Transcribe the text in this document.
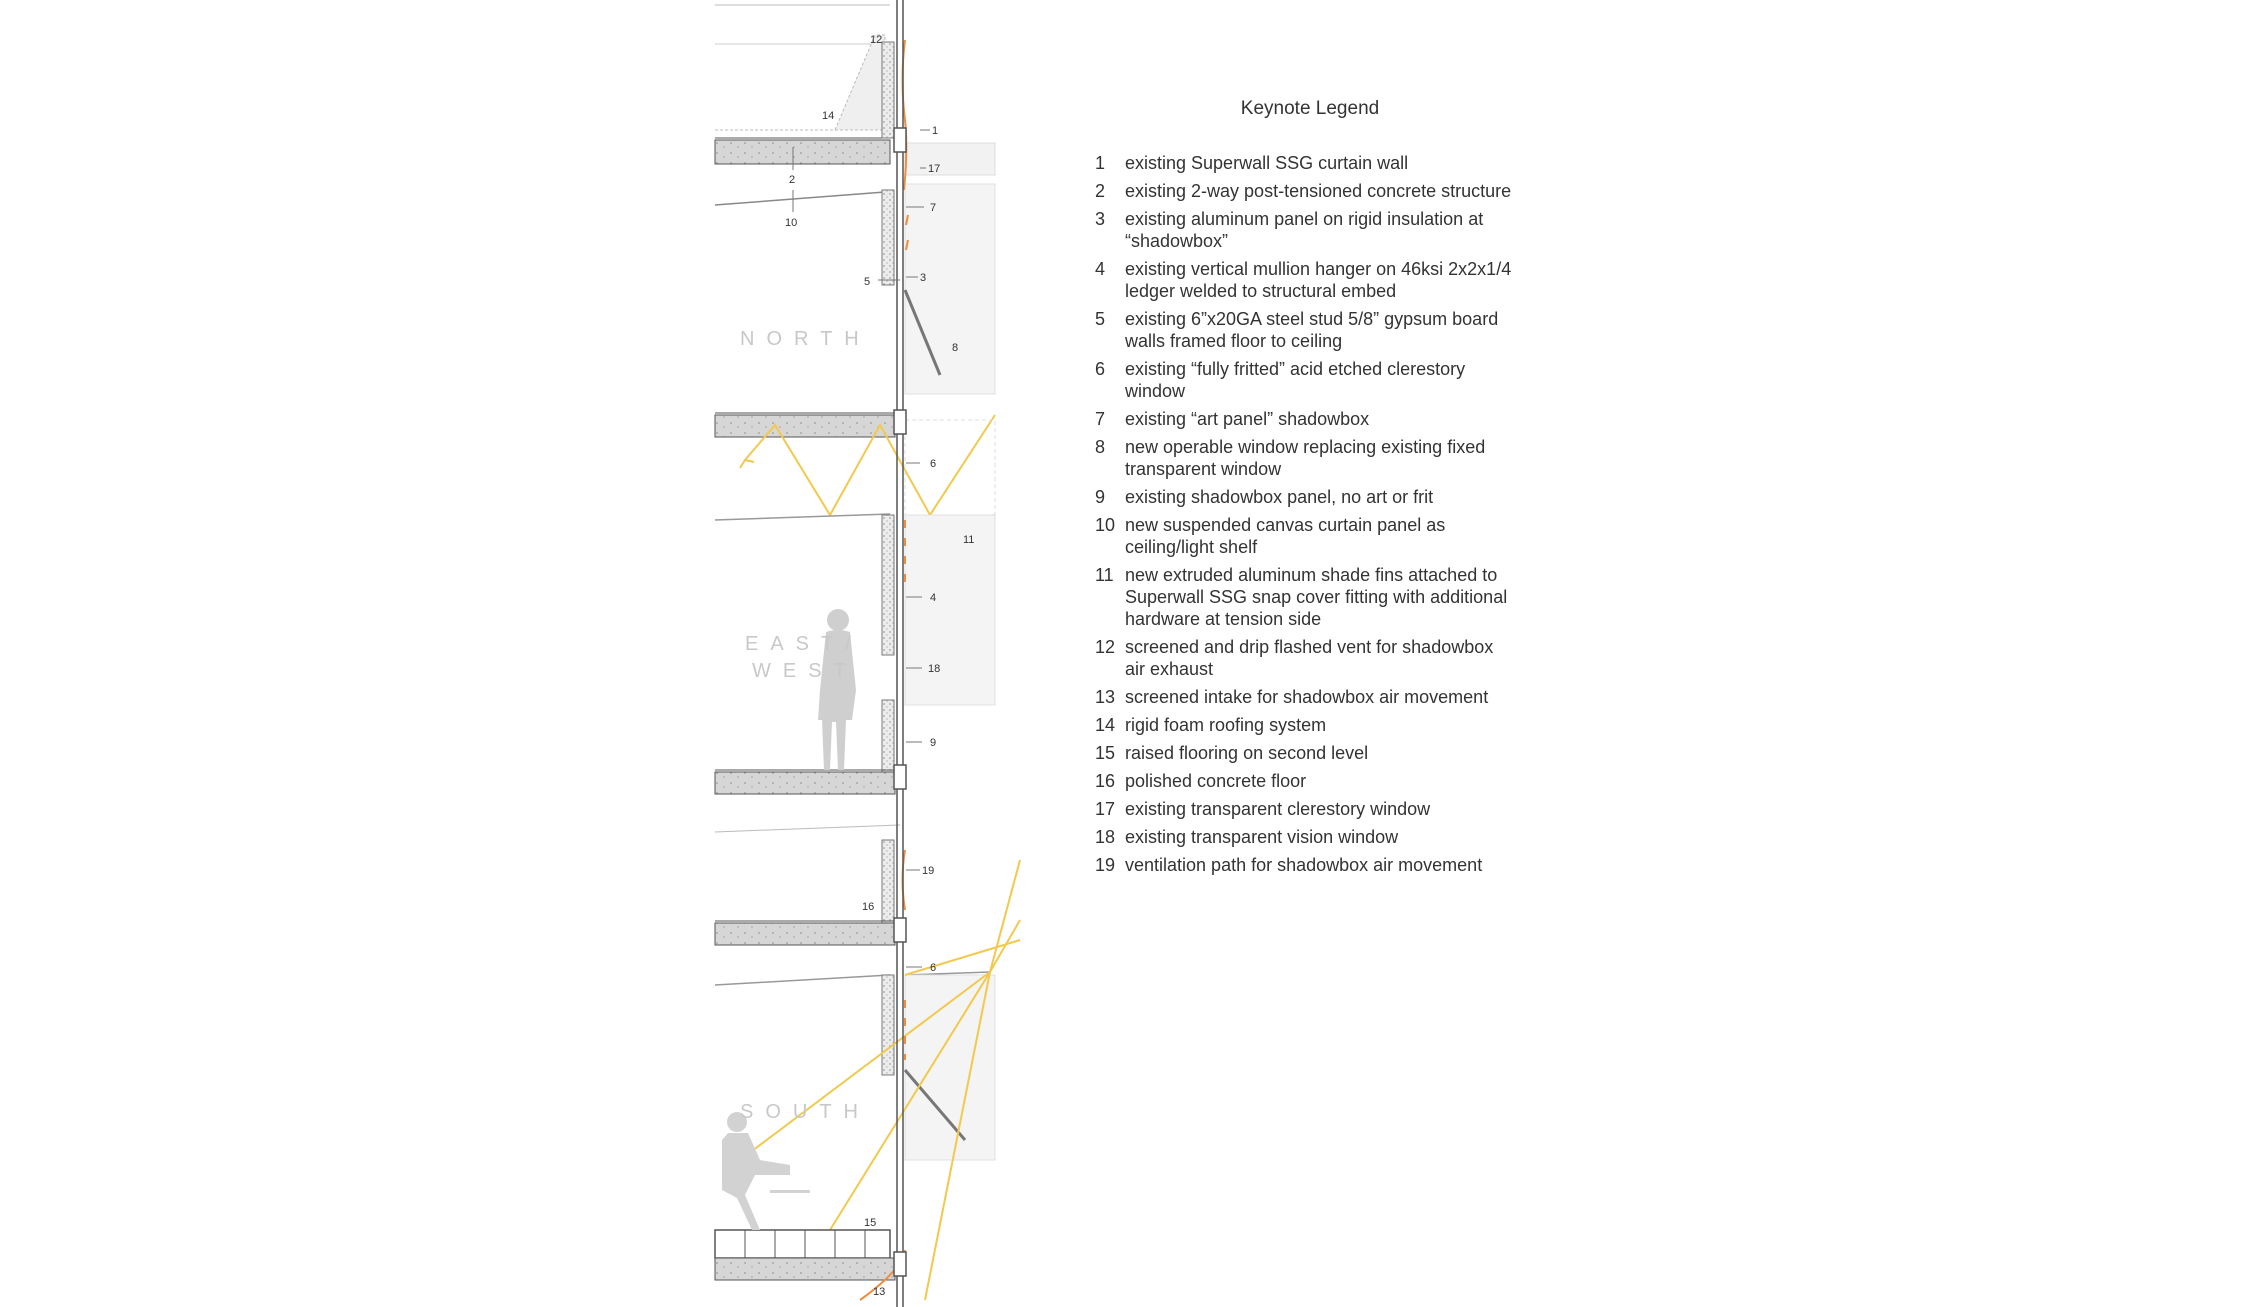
NORTH
EAST/
WEST
SOUTH
12
14
1
17
2
10
7
5	3
8
6
11
4
18
9
19
16
6
15
13
Keynote Legend
1	existing Superwall SSG curtain wall
2	existing 2-way post-tensioned concrete structure
3	existing aluminum panel on rigid insulation at “shadowbox”
4	existing vertical mullion hanger on 46ksi 2x2x1/4 ledger welded to structural embed
5	existing 6”x20GA steel stud 5/8” gypsum board walls framed floor to ceiling
6	existing “fully fritted” acid etched clerestory window
7	existing “art panel” shadowbox
8	new operable window replacing existing fixed transparent window
9	existing shadowbox panel, no art or frit
10 new suspended canvas curtain panel as ceiling/light shelf
11 new extruded aluminum shade fins attached to Superwall SSG snap cover fitting with additional hardware at tension side
12 screened and drip flashed vent for shadowbox air exhaust
13 screened intake for shadowbox air movement
14 rigid foam roofing system
15 raised flooring on second level
16 polished concrete floor
17 existing transparent clerestory window
18 existing transparent vision window
19 ventilation path for shadowbox air movement
